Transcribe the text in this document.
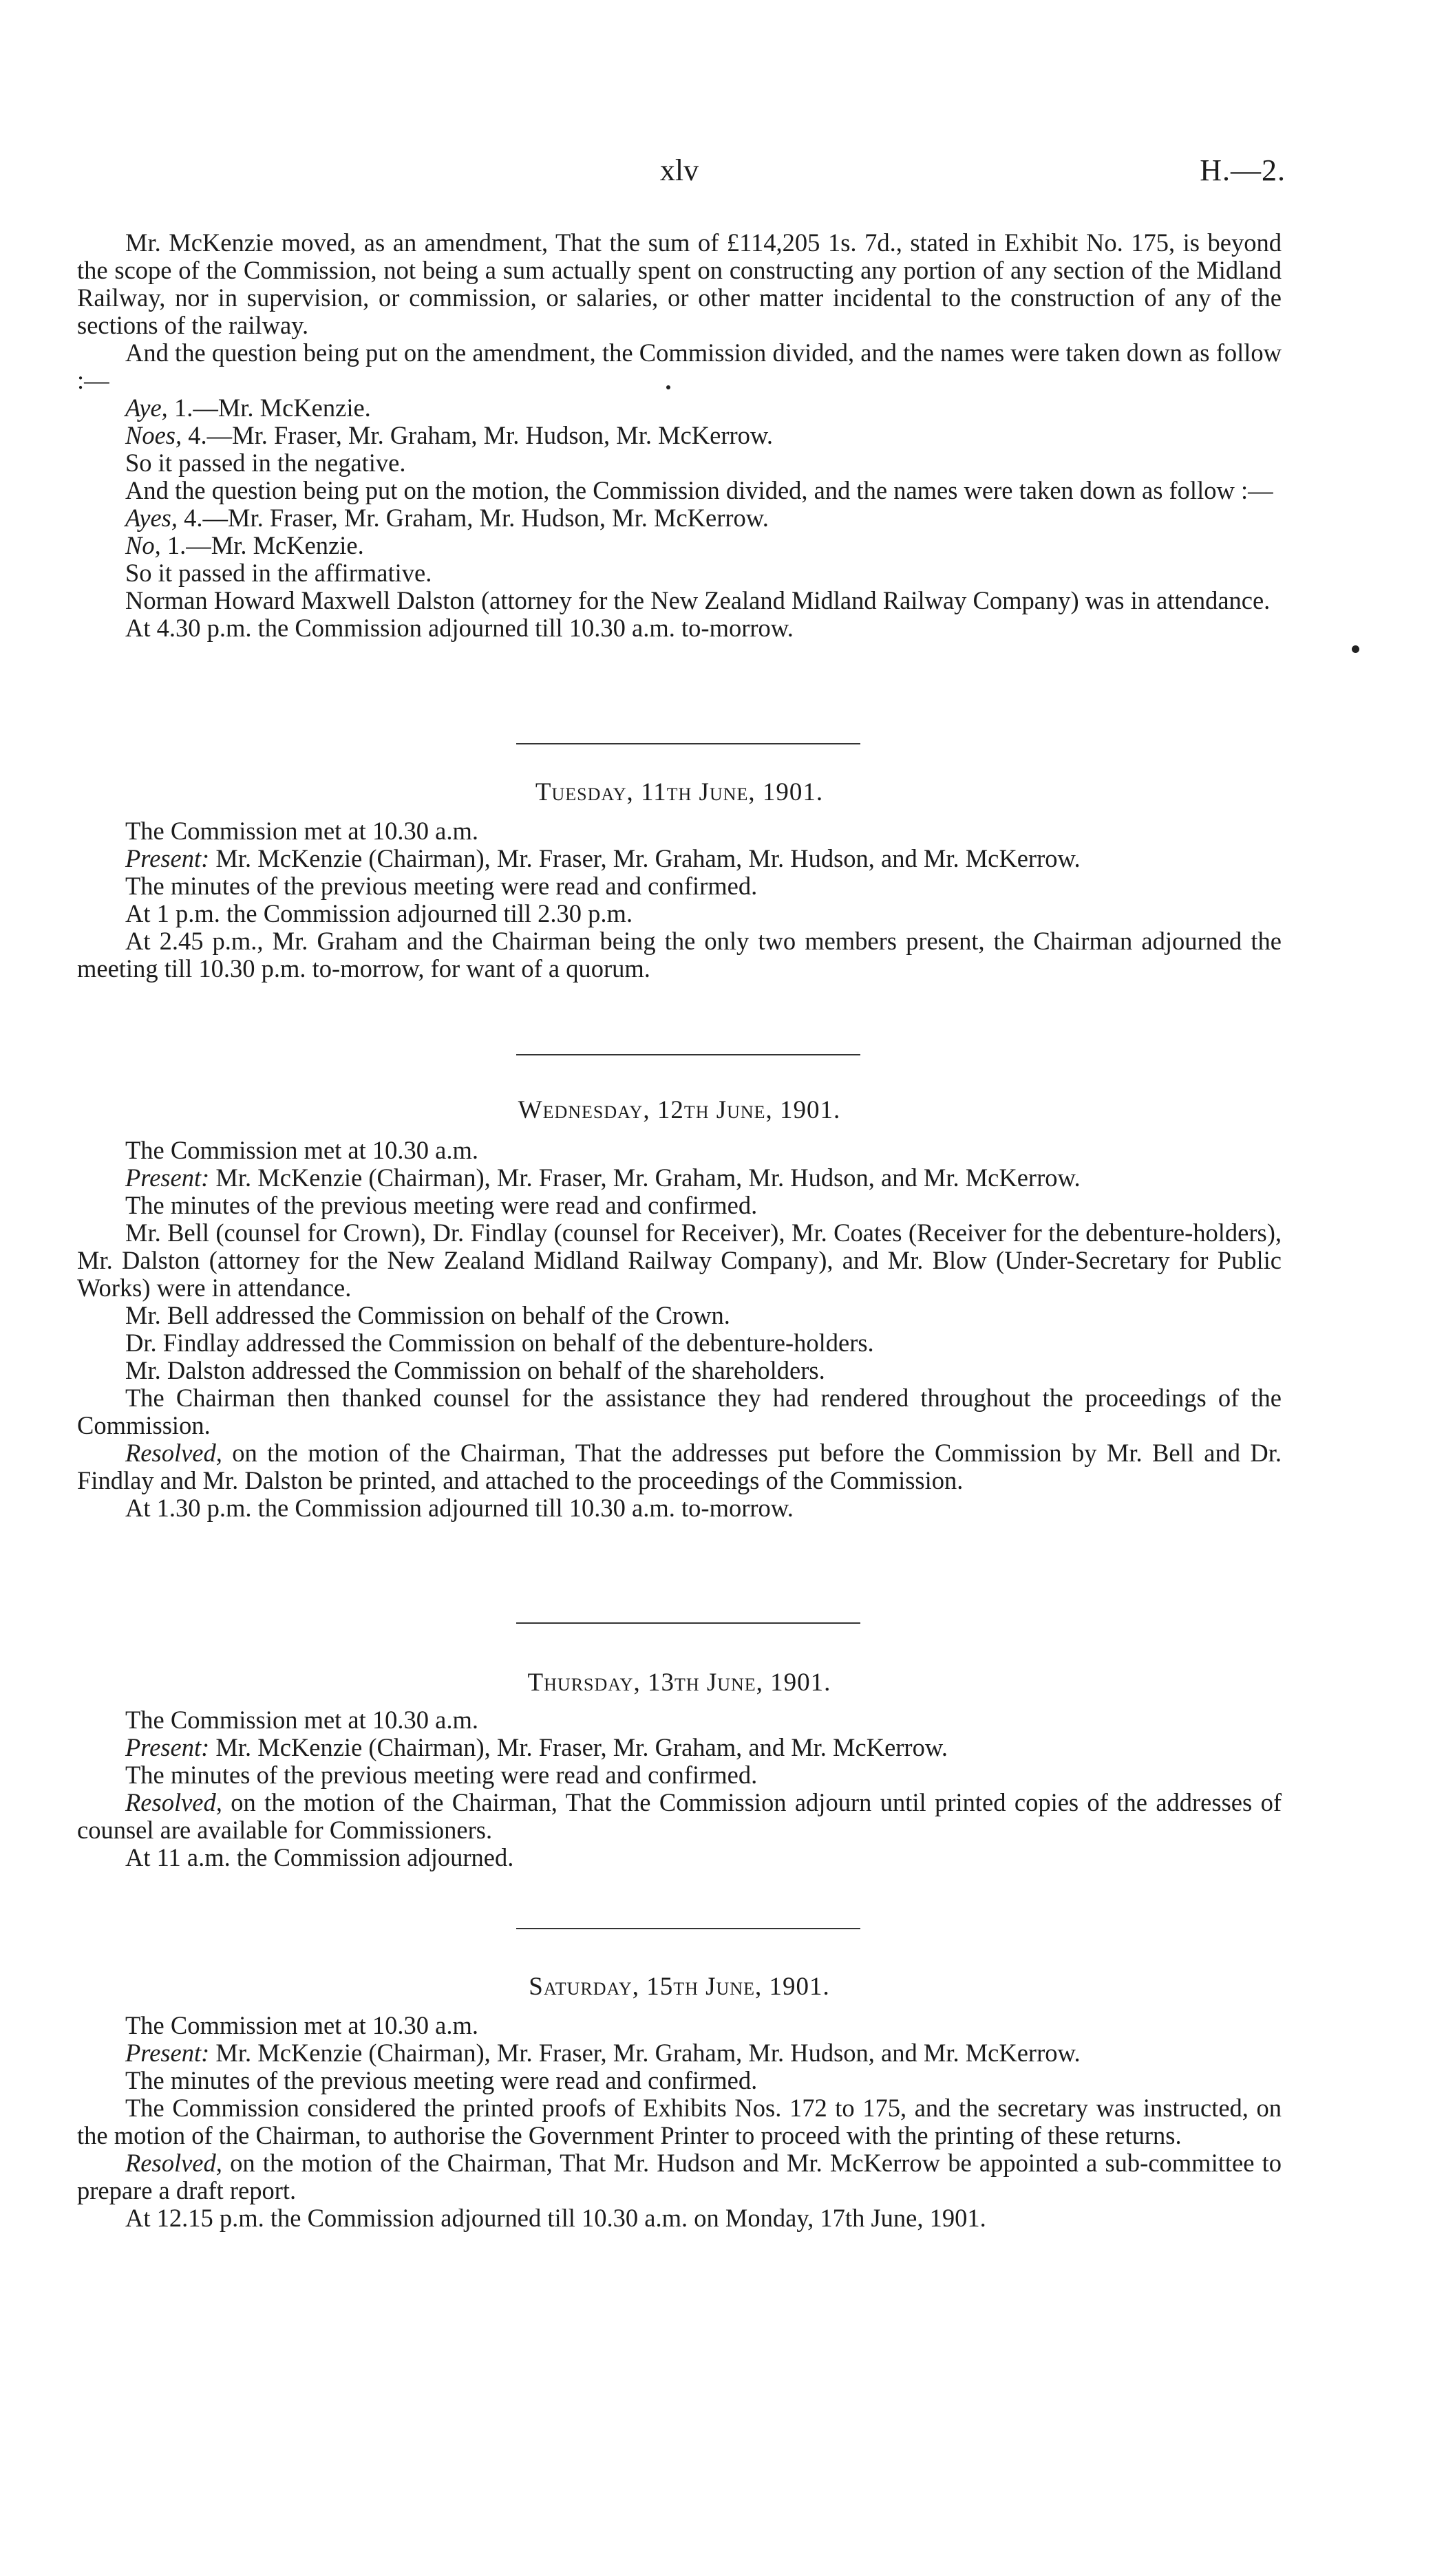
xlv	H.—2.

Mr. McKenzie moved, as an amendment, That the sum of £114,205 1s. 7d., stated in Exhibit No. 175, is beyond the scope of the Commission, not being a sum actually spent on constructing any portion of any section of the Midland Railway, nor in supervision, or commission, or salaries, or other matter incidental to the construction of any of the sections of the railway.

And the question being put on the amendment, the Commission divided, and the names were taken down as follow :—

Aye, 1.—Mr. McKenzie.

Noes, 4.—Mr. Fraser, Mr. Graham, Mr. Hudson, Mr. McKerrow.

So it passed in the negative.

And the question being put on the motion, the Commission divided, and the names were taken down as follow :—

Ayes, 4.—Mr. Fraser, Mr. Graham, Mr. Hudson, Mr. McKerrow.

No, 1.—Mr. McKenzie.

So it passed in the affirmative.

Norman Howard Maxwell Dalston (attorney for the New Zealand Midland Railway Company) was in attendance.

At 4.30 p.m. the Commission adjourned till 10.30 a.m. to-morrow.

Tuesday, 11th June, 1901.

The Commission met at 10.30 a.m.

Present: Mr. McKenzie (Chairman), Mr. Fraser, Mr. Graham, Mr. Hudson, and Mr. McKerrow.

The minutes of the previous meeting were read and confirmed.

At 1 p.m. the Commission adjourned till 2.30 p.m.

At 2.45 p.m., Mr. Graham and the Chairman being the only two members present, the Chairman adjourned the meeting till 10.30 p.m. to-morrow, for want of a quorum.

Wednesday, 12th June, 1901.

The Commission met at 10.30 a.m.

Present: Mr. McKenzie (Chairman), Mr. Fraser, Mr. Graham, Mr. Hudson, and Mr. McKerrow.

The minutes of the previous meeting were read and confirmed.

Mr. Bell (counsel for Crown), Dr. Findlay (counsel for Receiver), Mr. Coates (Receiver for the debenture-holders), Mr. Dalston (attorney for the New Zealand Midland Railway Company), and Mr. Blow (Under-Secretary for Public Works) were in attendance.

Mr. Bell addressed the Commission on behalf of the Crown.

Dr. Findlay addressed the Commission on behalf of the debenture-holders.

Mr. Dalston addressed the Commission on behalf of the shareholders.

The Chairman then thanked counsel for the assistance they had rendered throughout the proceedings of the Commission.

Resolved, on the motion of the Chairman, That the addresses put before the Commission by Mr. Bell and Dr. Findlay and Mr. Dalston be printed, and attached to the proceedings of the Commission.

At 1.30 p.m. the Commission adjourned till 10.30 a.m. to-morrow.

Thursday, 13th June, 1901.

The Commission met at 10.30 a.m.

Present: Mr. McKenzie (Chairman), Mr. Fraser, Mr. Graham, and Mr. McKerrow.

The minutes of the previous meeting were read and confirmed.

Resolved, on the motion of the Chairman, That the Commission adjourn until printed copies of the addresses of counsel are available for Commissioners.

At 11 a.m. the Commission adjourned.

Saturday, 15th June, 1901.

The Commission met at 10.30 a.m.

Present: Mr. McKenzie (Chairman), Mr. Fraser, Mr. Graham, Mr. Hudson, and Mr. McKerrow.

The minutes of the previous meeting were read and confirmed.

The Commission considered the printed proofs of Exhibits Nos. 172 to 175, and the secretary was instructed, on the motion of the Chairman, to authorise the Government Printer to proceed with the printing of these returns.

Resolved, on the motion of the Chairman, That Mr. Hudson and Mr. McKerrow be appointed a sub-committee to prepare a draft report.

At 12.15 p.m. the Commission adjourned till 10.30 a.m. on Monday, 17th June, 1901.
